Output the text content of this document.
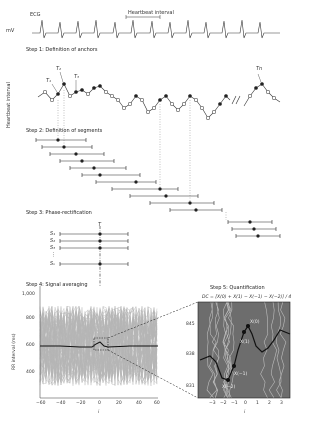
ECG
mV
Heartbeat interval
Heartbeat interval
T₁
T₂
T₃
Tn
Step 1: Definition of anchors
Step 2: Definition of segments
Step 3: Phase-rectification
Step 4: Signal averaging	Step 5: Quantification
T
S₁
S₂
S₃
⋮
Sₙ
RR interval (ms)
1,000
800
600
400
−60 −40 −20	0	20	40	60
i
DC = [X(0) + X(1) − X(−1) − X(−2)] / 4
845
838
831
−3 −2 −1 0 1 2 3
i
X(0)
X(1)
X(−1)
X(−2)
